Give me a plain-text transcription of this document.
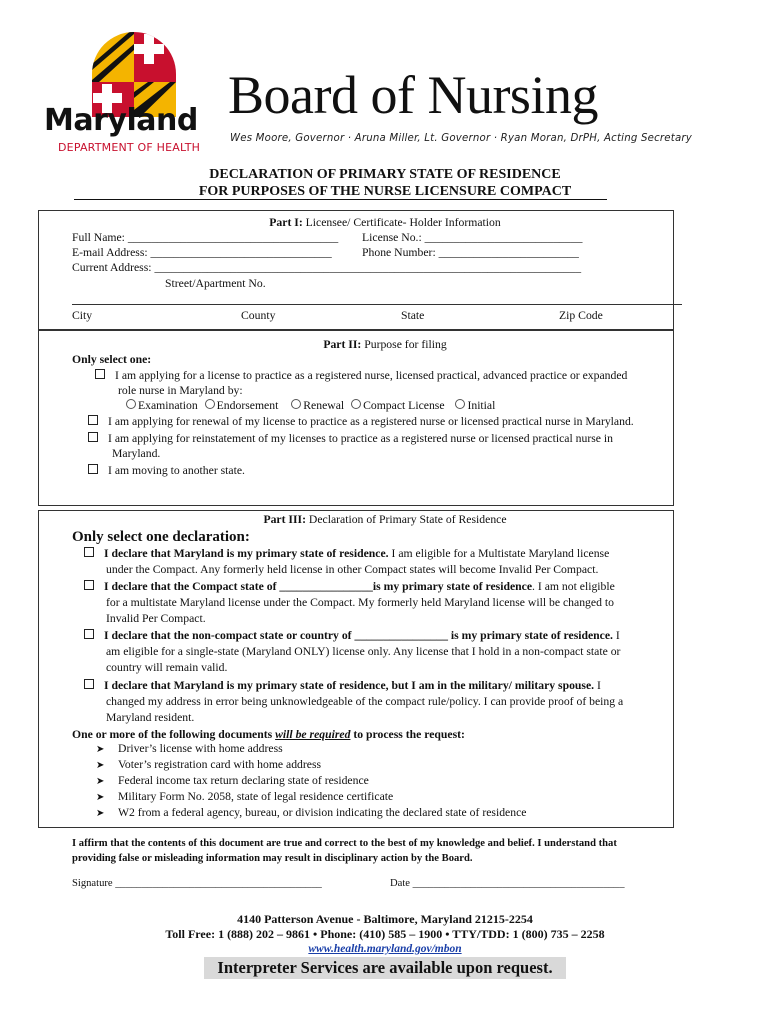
Maryland
DEPARTMENT OF HEALTH
Board of Nursing
Wes Moore, Governor · Aruna Miller, Lt. Governor · Ryan Moran, DrPH, Acting Secretary
DECLARATION OF PRIMARY STATE OF RESIDENCE
FOR PURPOSES OF THE NURSE LICENSURE COMPACT
Part I: Licensee/ Certificate- Holder Information
Full Name: ____________________________________ License No.: ___________________________
E-mail Address: _______________________________	Phone Number: ________________________
Current Address: _________________________________________________________________________
Street/Apartment No.
City	County	State	Zip Code
Part II: Purpose for filing
Only select one:
I am applying for a license to practice as a registered nurse, licensed practical, advanced practice or expanded
role nurse in Maryland by:
Examination Endorsement Renewal Compact License Initial
I am applying for renewal of my license to practice as a registered nurse or licensed practical nurse in Maryland.
I am applying for reinstatement of my licenses to practice as a registered nurse or licensed practical nurse in
Maryland.
I am moving to another state.
Part III: Declaration of Primary State of Residence
Only select one declaration:
I declare that Maryland is my primary state of residence. I am eligible for a Multistate Maryland license
under the Compact. Any formerly held license in other Compact states will become Invalid Per Compact.
I declare that the Compact state of ________________is my primary state of residence. I am not eligible
for a multistate Maryland license under the Compact. My formerly held Maryland license will be changed to
Invalid Per Compact.
I declare that the non-compact state or country of ________________ is my primary state of residence. I
am eligible for a single-state (Maryland ONLY) license only. Any license that I hold in a non-compact state or
country will remain valid.
I declare that Maryland is my primary state of residence, but I am in the military/ military spouse. I
changed my address in error being unknowledgeable of the compact rule/policy. I can provide proof of being a
Maryland resident.
One or more of the following documents will be required to process the request:
➤ Driver’s license with home address
➤ Voter’s registration card with home address
➤ Federal income tax return declaring state of residence
➤ Military Form No. 2058, state of legal residence certificate
➤ W2 from a federal agency, bureau, or division indicating the declared state of residence
I affirm that the contents of this document are true and correct to the best of my knowledge and belief. I understand that
providing false or misleading information may result in disciplinary action by the Board.
Signature _______________________________________	Date ________________________________________
4140 Patterson Avenue - Baltimore, Maryland 21215-2254
Toll Free: 1 (888) 202 – 9861 • Phone: (410) 585 – 1900 • TTY/TDD: 1 (800) 735 – 2258
www.health.maryland.gov/mbon
Interpreter Services are available upon request.
